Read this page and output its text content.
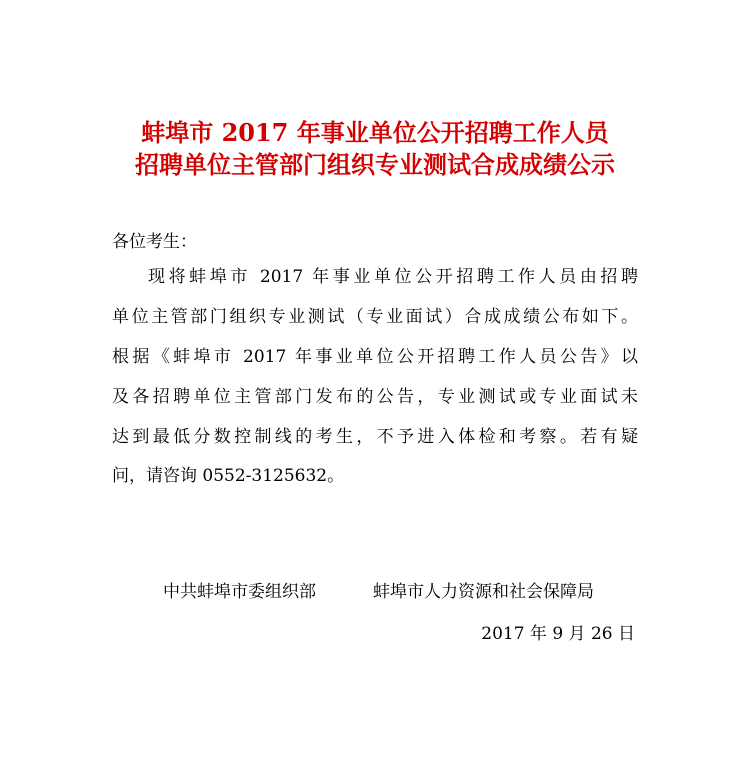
蚌埠市 2017 年事业单位公开招聘工作人员
招聘单位主管部门组织专业测试合成成绩公示
各位考生：
现将蚌埠市 2017 年事业单位公开招聘工作人员由招聘
单位主管部门组织专业测试（专业面试）合成成绩公布如下。
根据《蚌埠市 2017 年事业单位公开招聘工作人员公告》以
及各招聘单位主管部门发布的公告，专业测试或专业面试未
达到最低分数控制线的考生，不予进入体检和考察。若有疑
问，请咨询 0552-3125632。
中共蚌埠市委组织部	蚌埠市人力资源和社会保障局
2017 年 9 月 26 日
